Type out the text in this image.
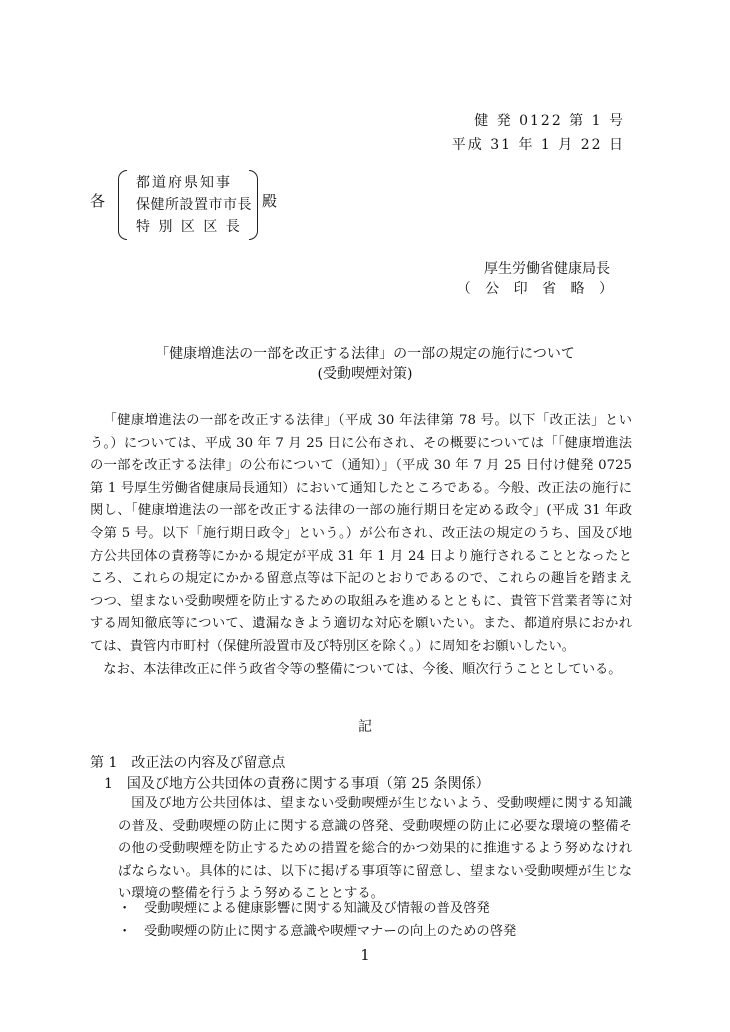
健 発 0122 第 1 号
平成 31 年 1 月 22 日
各
都道府県知事
保健所設置市市長
特 別 区 区 長
殿
厚生労働省健康局長
（ 公 印 省 略 ）
「健康増進法の一部を改正する法律」の一部の規定の施行について
(受動喫煙対策)

「健康増進法の一部を改正する法律」（平成 30 年法律第 78 号。以下「改正法」という。）については、平成 30 年 7 月 25 日に公布され、その概要については「「健康増進法の一部を改正する法律」の公布について（通知）」（平成 30 年 7 月 25 日付け健発 0725 第 1 号厚生労働省健康局長通知）において通知したところである。今般、改正法の施行に関し、「健康増進法の一部を改正する法律の一部の施行期日を定める政令」(平成 31 年政令第 5 号。以下「施行期日政令」という。）が公布され、改正法の規定のうち、国及び地方公共団体の責務等にかかる規定が平成 31 年 1 月 24 日より施行されることとなったところ、これらの規定にかかる留意点等は下記のとおりであるので、これらの趣旨を踏まえつつ、望まない受動喫煙を防止するための取組みを進めるとともに、貴管下営業者等に対する周知徹底等について、遺漏なきよう適切な対応を願いたい。また、都道府県におかれては、貴管内市町村（保健所設置市及び特別区を除く。）に周知をお願いしたい。

なお、本法律改正に伴う政省令等の整備については、今後、順次行うこととしている。

記
第 1　改正法の内容及び留意点
1　国及び地方公共団体の責務に関する事項（第 25 条関係）

国及び地方公共団体は、望まない受動喫煙が生じないよう、受動喫煙に関する知識の普及、受動喫煙の防止に関する意識の啓発、受動喫煙の防止に必要な環境の整備その他の受動喫煙を防止するための措置を総合的かつ効果的に推進するよう努めなければならない。具体的には、以下に掲げる事項等に留意し、望まない受動喫煙が生じない環境の整備を行うよう努めることとする。

・ 受動喫煙による健康影響に関する知識及び情報の普及啓発
・ 受動喫煙の防止に関する意識や喫煙マナーの向上のための啓発
1
